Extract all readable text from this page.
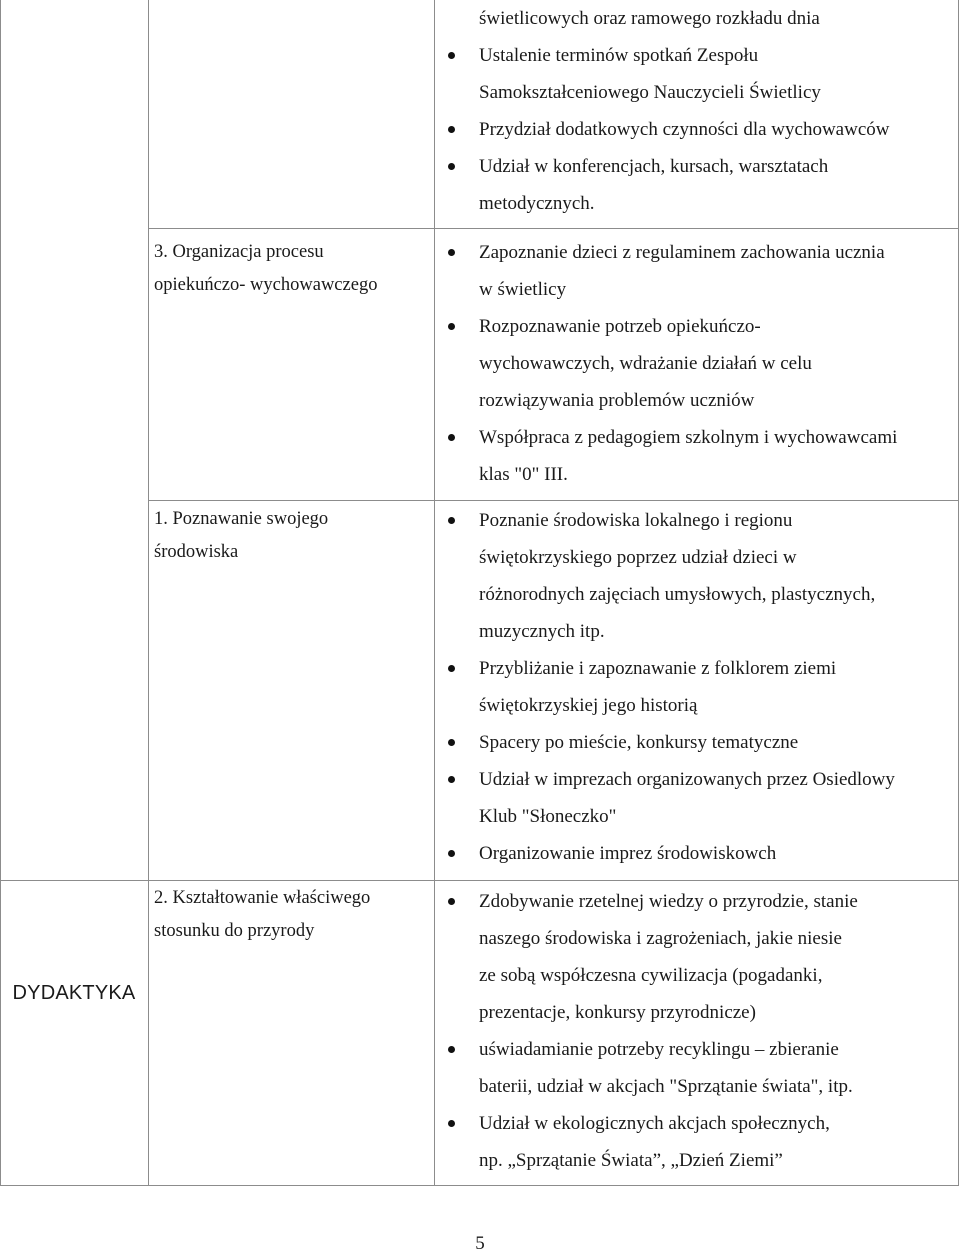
DYDAKTYKA
świetlicowych oraz ramowego rozkładu dnia
Ustalenie terminów spotkań Zespołu
Samokształceniowego Nauczycieli Świetlicy
Przydział dodatkowych czynności dla wychowawców
Udział w konferencjach, kursach, warsztatach
metodycznych.
3. Organizacja procesu
opiekuńczo- wychowawczego
Zapoznanie dzieci z regulaminem zachowania ucznia
w świetlicy
Rozpoznawanie potrzeb opiekuńczo-
wychowawczych, wdrażanie działań w celu
rozwiązywania problemów uczniów
Współpraca z pedagogiem szkolnym i wychowawcami
klas "0" III.
1. Poznawanie swojego
środowiska
Poznanie środowiska lokalnego i regionu
świętokrzyskiego poprzez udział dzieci w
różnorodnych zajęciach umysłowych, plastycznych,
muzycznych itp.
Przybliżanie i zapoznawanie z folklorem ziemi
świętokrzyskiej jego historią
Spacery po mieście, konkursy tematyczne
Udział w imprezach organizowanych przez Osiedlowy
Klub "Słoneczko"
Organizowanie imprez środowiskowch
2. Kształtowanie właściwego
stosunku do przyrody
Zdobywanie rzetelnej wiedzy o przyrodzie, stanie
naszego środowiska i zagrożeniach, jakie niesie
ze sobą współczesna cywilizacja (pogadanki,
prezentacje, konkursy przyrodnicze)
uświadamianie potrzeby recyklingu – zbieranie
baterii, udział w akcjach "Sprzątanie świata", itp.
Udział w ekologicznych akcjach społecznych,
np. „Sprzątanie Świata”, „Dzień Ziemi”
5
